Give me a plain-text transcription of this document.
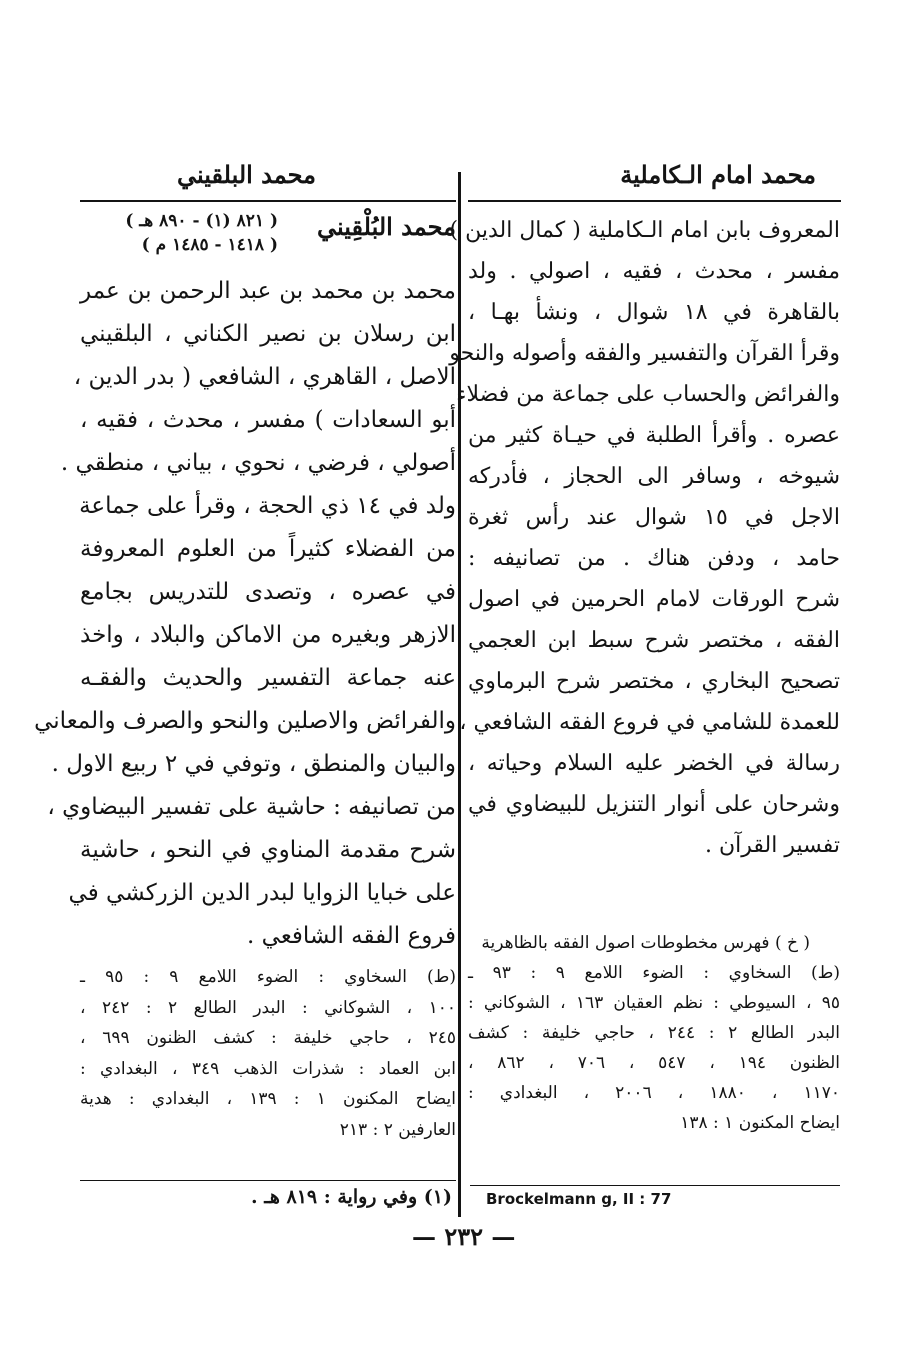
محمد امام الـكاملية
محمد البلقيني
المعروف بابن امام الـكاملية ( كمال الدين )
مفسر ، محدث ، فقيه ، اصولي . ولد
بالقاهرة في ١٨ شوال ، ونشأ بهـا ،
وقرأ القرآن والتفسير والفقه وأصوله والنحو
والفرائض والحساب على جماعة من فضلاء
عصره . وأقرأ الطلبة في حيـاة كثير من
شيوخه ، وسافر الى الحجاز ، فأدركه
الاجل في ١٥ شوال عند رأس ثغرة
حامد ، ودفن هناك . من تصانيفه :
شرح الورقات لامام الحرمين في اصول
الفقه ، مختصر شرح سبط ابن العجمي
تصحيح البخاري ، مختصر شرح البرماوي
للعمدة للشامي في فروع الفقه الشافعي ،
رسالة في الخضر عليه السلام وحياته ،
وشرحان على أنوار التنزيل للبيضاوي في
تفسير القرآن .
( خ ) فهرس مخطوطات اصول الفقه بالظاهرية
(ط) السخاوي : الضوء اللامع ٩ : ٩٣ ـ
٩٥ ، السيوطي : نظم العقيان ١٦٣ ، الشوكاني :
البدر الطالع ٢ : ٢٤٤ ، حاجي خليفة : كشف
الظنون ١٩٤ ، ٥٤٧ ، ٧٠٦ ، ٨٦٢ ،
١١٧٠ ، ١٨٨٠ ، ٢٠٠٦ ، البغدادي :
ايضاح المكنون ١ : ١٣٨
Brockelmann g, II : 77
محمد البُلْقِيني
( ٨٢١ (١) - ٨٩٠ هـ )
( ١٤١٨ - ١٤٨٥ م )
محمد بن محمد بن عبد الرحمن بن عمر
ابن رسلان بن نصير الكناني ، البلقيني
الاصل ، القاهري ، الشافعي ( بدر الدين ،
أبو السعادات ) مفسر ، محدث ، فقيه ،
أصولي ، فرضي ، نحوي ، بياني ، منطقي .
ولد في ١٤ ذي الحجة ، وقرأ على جماعة
من الفضلاء كثيراً من العلوم المعروفة
في عصره ، وتصدى للتدريس بجامع
الازهر وبغيره من الاماكن والبلاد ، واخذ
عنه جماعة التفسير والحديث والفقـه
والفرائض والاصلين والنحو والصرف والمعاني
والبيان والمنطق ، وتوفي في ٢ ربيع الاول .
من تصانيفه : حاشية على تفسير البيضاوي ،
شرح مقدمة المناوي في النحو ، حاشية
على خبايا الزوايا لبدر الدين الزركشي في
فروع الفقه الشافعي .
(ط) السخاوي : الضوء اللامع ٩ : ٩٥ ـ
١٠٠ ، الشوكاني : البدر الطالع ٢ : ٢٤٢ ،
٢٤٥ ، حاجي خليفة : كشف الظنون ٦٩٩ ،
ابن العماد : شذرات الذهب ٣٤٩ ، البغدادي :
ايضاح المكنون ١ : ١٣٩ ، البغدادي : هدية
العارفين ٢ : ٢١٣
(١) وفي رواية : ٨١٩ هـ .
— ٢٣٢ —
